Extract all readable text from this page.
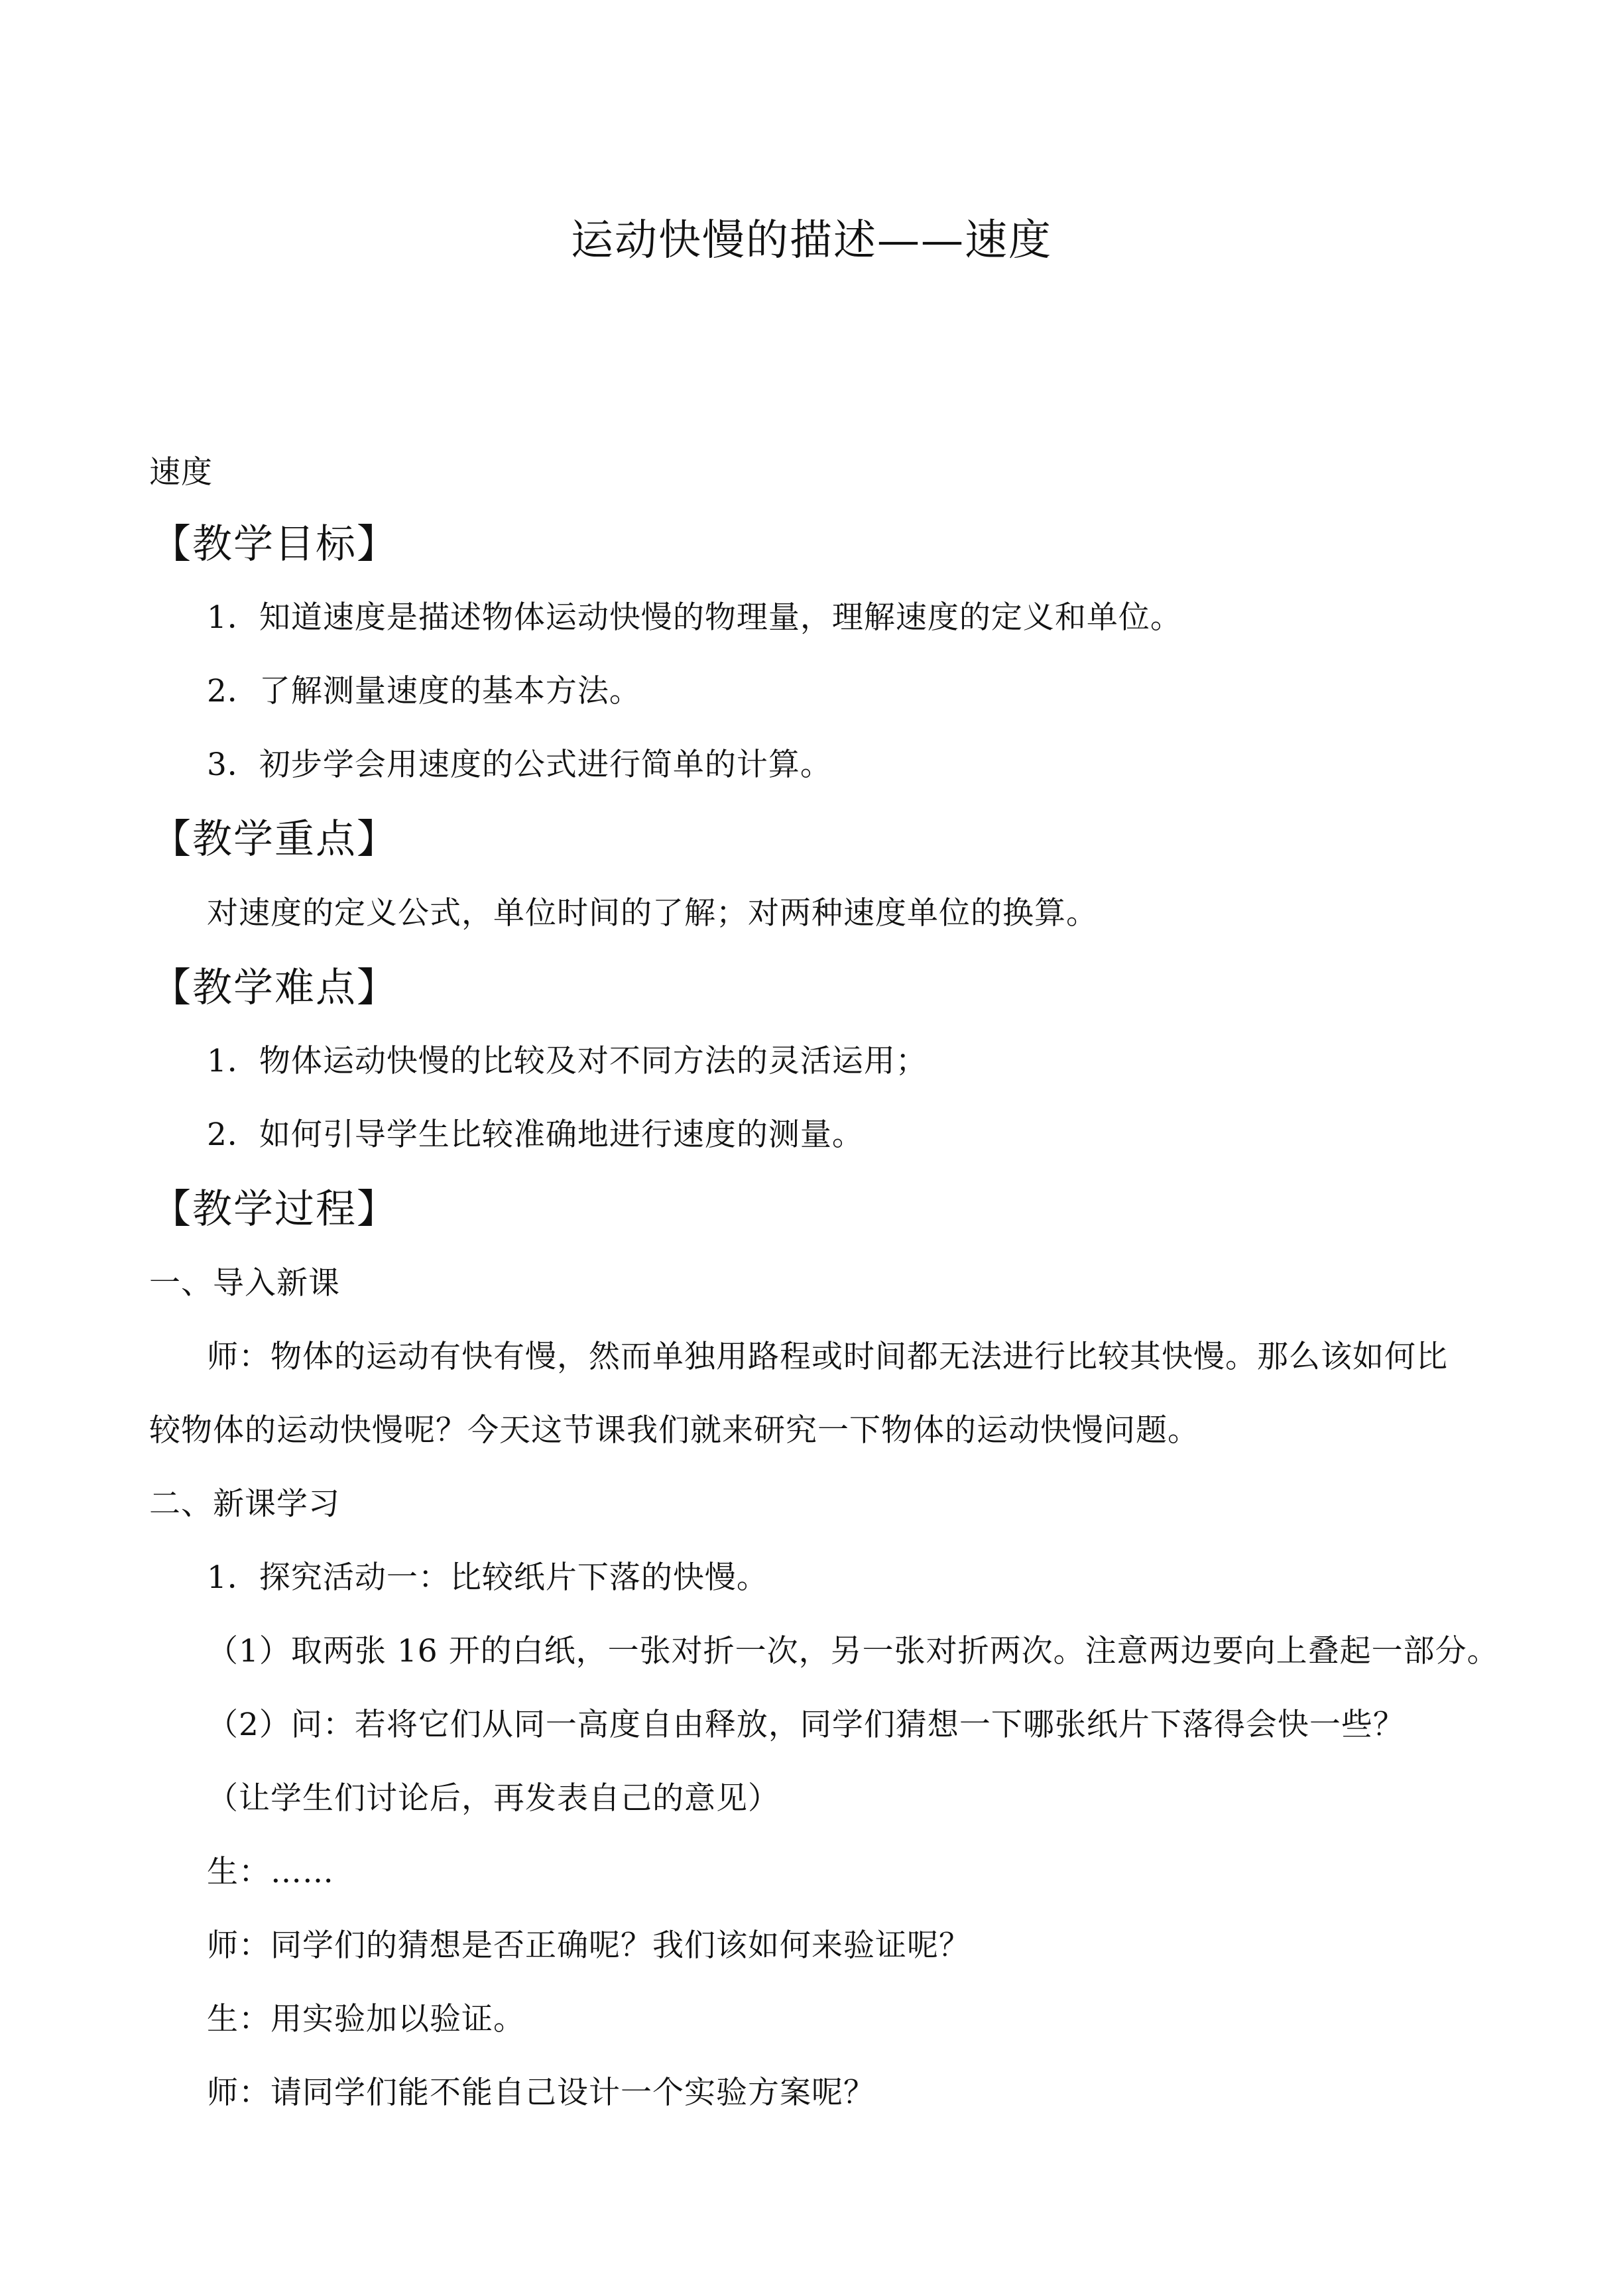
运动快慢的描述——速度
速度
【教学目标】
1．知道速度是描述物体运动快慢的物理量，理解速度的定义和单位。
2．了解测量速度的基本方法。
3．初步学会用速度的公式进行简单的计算。
【教学重点】
对速度的定义公式，单位时间的了解；对两种速度单位的换算。
【教学难点】
1．物体运动快慢的比较及对不同方法的灵活运用；
2．如何引导学生比较准确地进行速度的测量。
【教学过程】
一、导入新课
师：物体的运动有快有慢，然而单独用路程或时间都无法进行比较其快慢。那么该如何比
较物体的运动快慢呢？今天这节课我们就来研究一下物体的运动快慢问题。
二、新课学习
1．探究活动一：比较纸片下落的快慢。
（1）取两张 16 开的白纸，一张对折一次，另一张对折两次。注意两边要向上叠起一部分。
（2）问：若将它们从同一高度自由释放，同学们猜想一下哪张纸片下落得会快一些？
（让学生们讨论后，再发表自己的意见）
生：……
师：同学们的猜想是否正确呢？我们该如何来验证呢？
生：用实验加以验证。
师：请同学们能不能自己设计一个实验方案呢？
